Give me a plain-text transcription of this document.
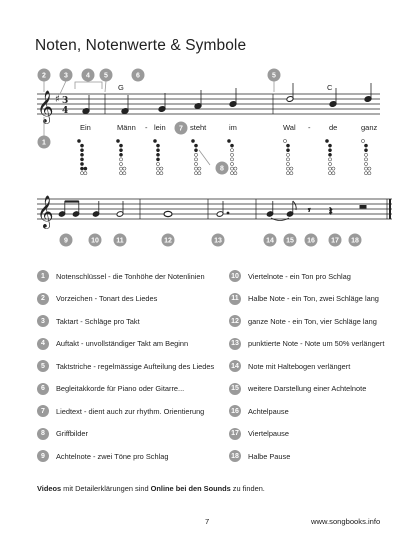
Noten, Notenwerte & Symbole
𝄞 ♯ 3
4
G	C
Ein	Männ - lein	steht	im	Wal - de	ganz
𝄞	𝄾 𝄽
1
2	3	4 5	6
7
8
9	10 11	12	13	14 15 16 17 18
5
1	Notenschlüssel - die Tonhöhe der Notenlinien
2	Vorzeichen - Tonart des Liedes
3	Taktart - Schläge pro Takt
4	Auftakt - unvollständiger Takt am Beginn
5	Taktstriche - regelmässige Aufteilung des Liedes
6	Begleitakkorde für Piano oder Gitarre...
7	Liedtext - dient auch zur rhythm. Orientierung
8	Griffbilder
9	Achtelnote - zwei Töne pro Schlag
10 Viertelnote - ein Ton pro Schlag
11	Halbe Note - ein Ton, zwei Schläge lang
12 ganze Note - ein Ton, vier Schläge lang
13 punktierte Note - Note um 50% verlängert
14 Note mit Haltebogen verlängert
15 weitere Darstellung einer Achtelnote
16 Achtelpause
17 Viertelpause
18 Halbe Pause
Videos mit Detailerklärungen sind Online bei den Sounds zu finden.
7	www.songbooks.info
